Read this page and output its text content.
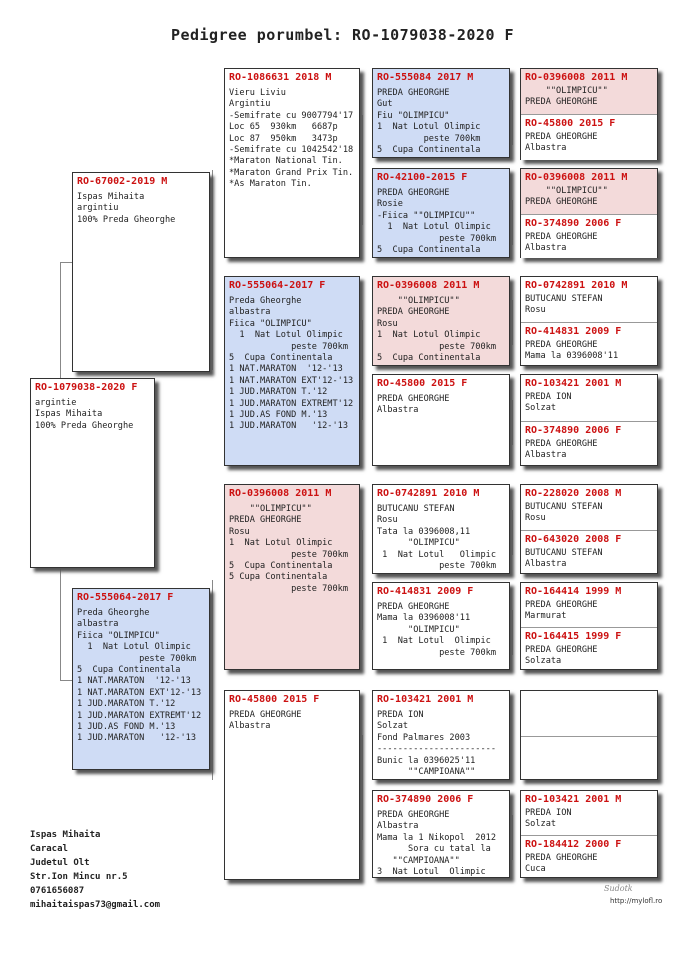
Pedigree porumbel: RO-1079038-2020 F
RO-1079038-2020 F
argintie
Ispas Mihaita
100% Preda Gheorghe
RO-67002-2019 M
Ispas Mihaita
argintiu
100% Preda Gheorghe
RO-555064-2017 F
Preda Gheorghe
albastra
Fiica "OLIMPICU"
1  Nat Lotul Olimpic
peste 700km
5  Cupa Continentala
1 NAT.MARATON  '12-'13
1 NAT.MARATON EXT'12-'13
1 JUD.MARATON T.'12
1 JUD.MARATON EXTREMT'12
1 JUD.AS FOND M.'13
1 JUD.MARATON   '12-'13
RO-1086631 2018 M
Vieru Liviu
Argintiu
-Semifrate cu 9007794'17
Loc 65  930km   6687p
Loc 87  950km   3473p
-Semifrate cu 1042542'18
*Maraton National Tin.
*Maraton Grand Prix Tin.
*As Maraton Tin.
RO-555064-2017 F
Preda Gheorghe
albastra
Fiica "OLIMPICU"
1  Nat Lotul Olimpic
peste 700km
5  Cupa Continentala
1 NAT.MARATON  '12-'13
1 NAT.MARATON EXT'12-'13
1 JUD.MARATON T.'12
1 JUD.MARATON EXTREMT'12
1 JUD.AS FOND M.'13
1 JUD.MARATON   '12-'13
RO-0396008 2011 M
""OLIMPICU""
PREDA GHEORGHE
Rosu
1  Nat Lotul Olimpic
peste 700km
5  Cupa Continentala
5 Cupa Continentala
peste 700km
RO-45800 2015 F
PREDA GHEORGHE
Albastra
RO-555084 2017 M
PREDA GHEORGHE
Gut
Fiu "OLIMPICU"
1  Nat Lotul Olimpic
peste 700km
5  Cupa Continentala
RO-42100-2015 F
PREDA GHEORGHE
Rosie
-Fiica ""OLIMPICU""
1  Nat Lotul Olimpic
peste 700km
5  Cupa Continentala
RO-0396008 2011 M
""OLIMPICU""
PREDA GHEORGHE
Rosu
1  Nat Lotul Olimpic
peste 700km
5  Cupa Continentala
RO-45800 2015 F
PREDA GHEORGHE
Albastra
RO-0742891 2010 M
BUTUCANU STEFAN
Rosu
Tata la 0396008,11
"OLIMPICU"
1  Nat Lotul   Olimpic
peste 700km
RO-414831 2009 F
PREDA GHEORGHE
Mama la 0396008'11
"OLIMPICU"
1  Nat Lotul  Olimpic
peste 700km
RO-103421 2001 M
PREDA ION
Solzat
Fond Palmares 2003
-----------------------
Bunic la 0396025'11
""CAMPIOANA""
RO-374890 2006 F
PREDA GHEORGHE
Albastra
Mama la 1 Nikopol  2012
Sora cu tatal la
""CAMPIOANA""
3  Nat Lotul  Olimpic
RO-0396008 2011 M
""OLIMPICU""
PREDA GHEORGHE
RO-45800 2015 F
PREDA GHEORGHE
Albastra
RO-0396008 2011 M
""OLIMPICU""
PREDA GHEORGHE
RO-374890 2006 F
PREDA GHEORGHE
Albastra
RO-0742891 2010 M
BUTUCANU STEFAN
Rosu
RO-414831 2009 F
PREDA GHEORGHE
Mama la 0396008'11
RO-103421 2001 M
PREDA ION
Solzat
RO-374890 2006 F
PREDA GHEORGHE
Albastra
RO-228020 2008 M
BUTUCANU STEFAN
Rosu
RO-643020 2008 F
BUTUCANU STEFAN
Albastra
RO-164414 1999 M
PREDA GHEORGHE
Marmurat
RO-164415 1999 F
PREDA GHEORGHE
Solzata
RO-103421 2001 M
PREDA ION
Solzat
RO-184412 2000 F
PREDA GHEORGHE
Cuca
Ispas Mihaita
Caracal
Judetul Olt
Str.Ion Mincu nr.5
0761656087
mihaitaispas73@gmail.com
Sudotk
http://mylofl.ro
